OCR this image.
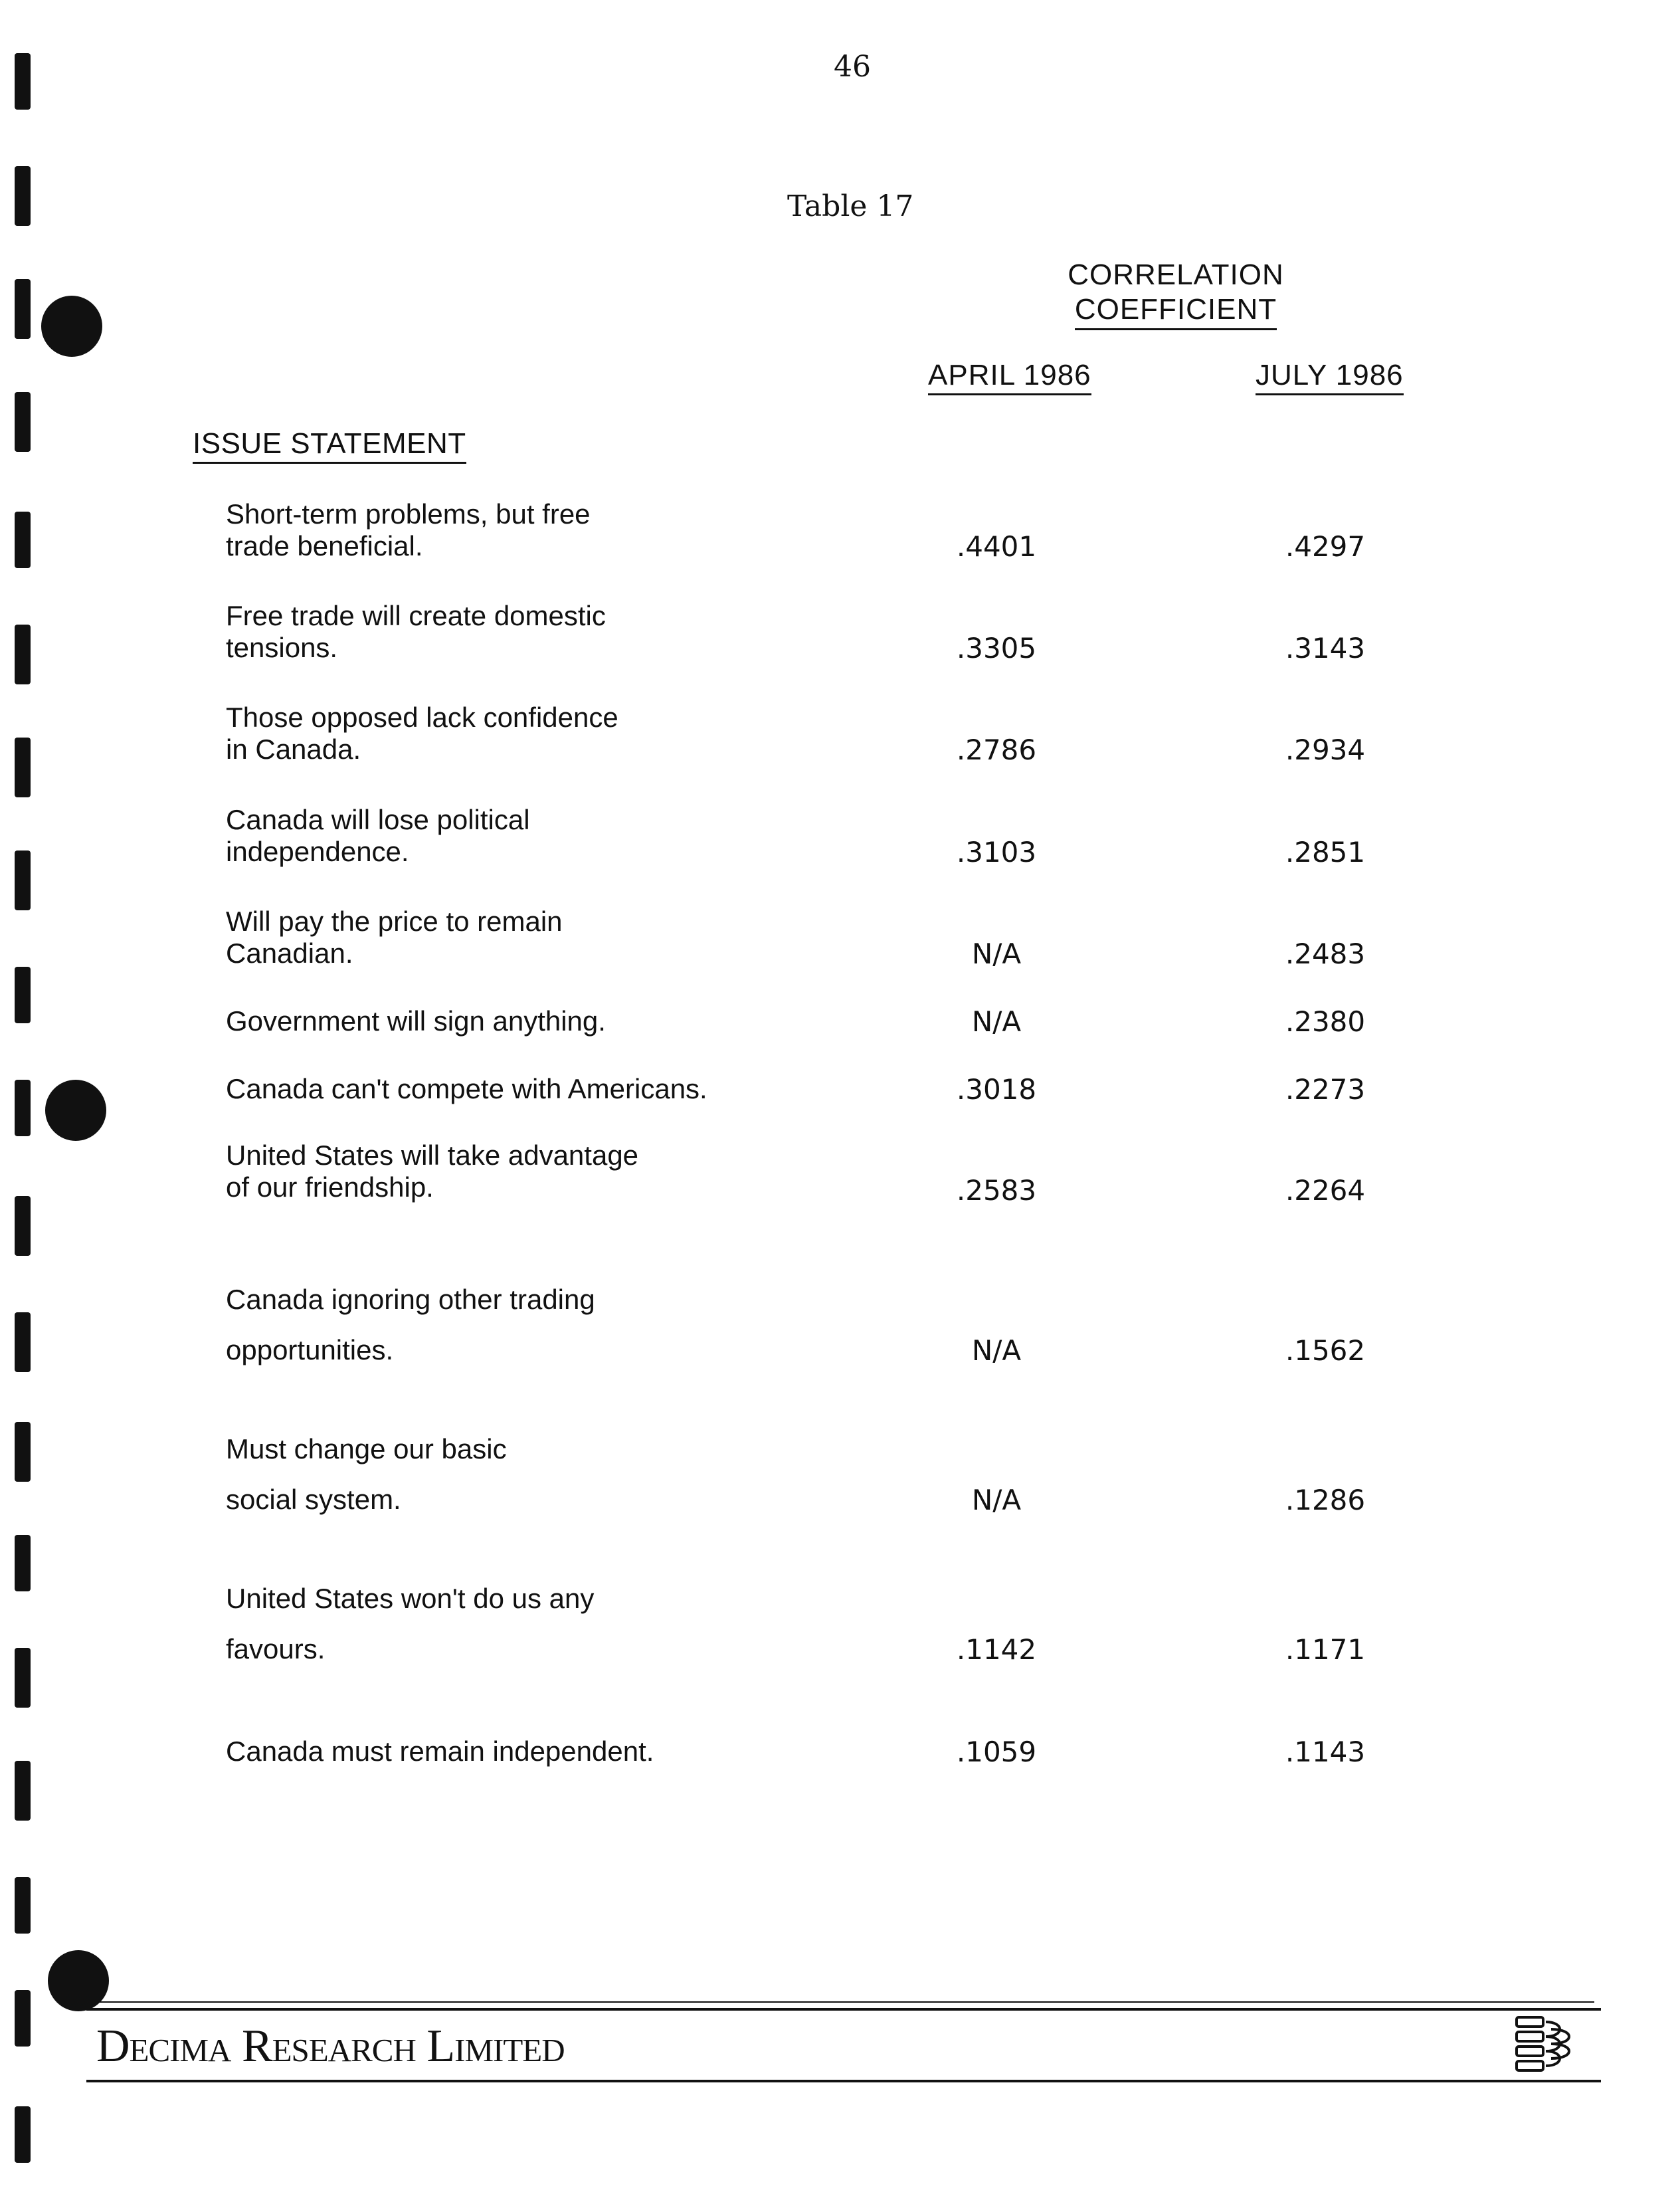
46
Table 17
CORRELATION
COEFFICIENT
APRIL 1986	JULY 1986
ISSUE STATEMENT
Short-term problems, but free
trade beneficial.	.4401	.4297
Free trade will create domestic
tensions.	.3305	.3143
Those opposed lack confidence
in Canada.	.2786	.2934
Canada will lose political
independence.	.3103	.2851
Will pay the price to remain
Canadian.	N/A	.2483
Government will sign anything.	N/A	.2380
Canada can't compete with Americans.	.3018	.2273
United States will take advantage
of our friendship.	.2583	.2264
Canada ignoring other trading
opportunities.	N/A	.1562
Must change our basic
social system.	N/A	.1286
United States won't do us any
favours.	.1142	.1171
Canada must remain independent.	.1059	.1143
Decima Research Limited
